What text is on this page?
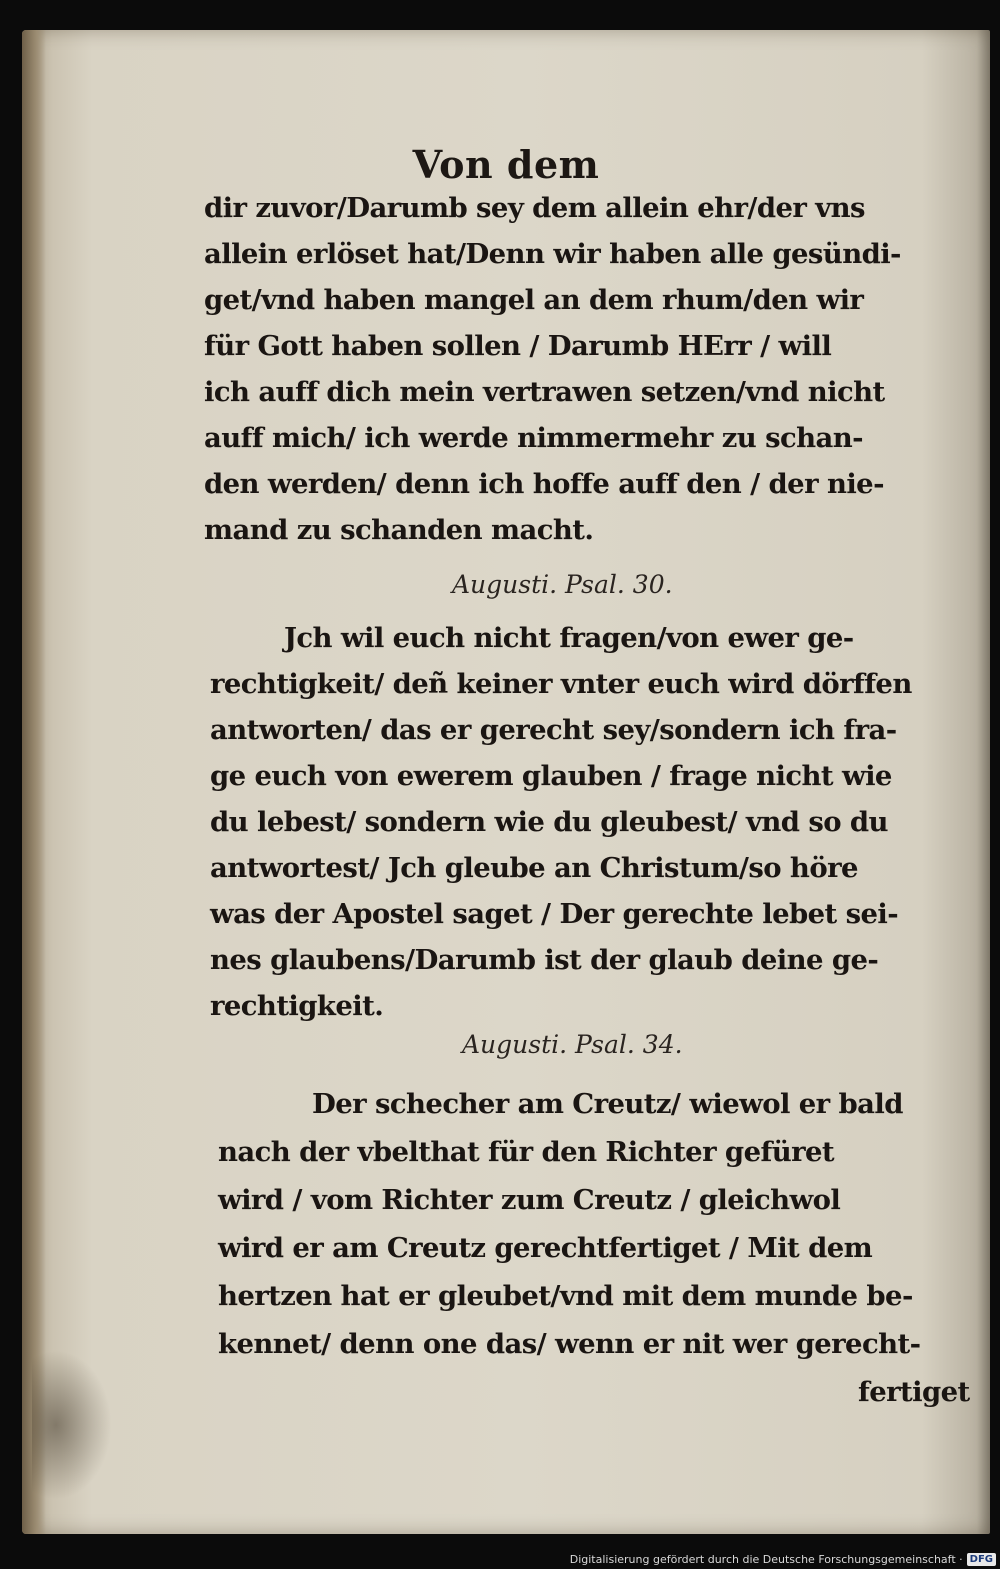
Von dem
dir zuvor/Darumb sey dem allein ehr/der vns
allein erlöset hat/Denn wir haben alle gesündi-
get/vnd haben mangel an dem rhum/den wir
für Gott haben sollen / Darumb HErr / will
ich auff dich mein vertrawen setzen/vnd nicht
auff mich/ ich werde nimmermehr zu schan-
den werden/ denn ich hoffe auff den / der nie-
mand zu schanden macht.
Augusti. Psal. 30.
Jch wil euch nicht fragen/von ewer ge-
rechtigkeit/ deñ keiner vnter euch wird dörffen
antworten/ das er gerecht sey/sondern ich fra-
ge euch von ewerem glauben / frage nicht wie
du lebest/ sondern wie du gleubest/ vnd so du
antwortest/ Jch gleube an Christum/so höre
was der Apostel saget / Der gerechte lebet sei-
nes glaubens/Darumb ist der glaub deine ge-
rechtigkeit.
Augusti. Psal. 34.
Der schecher am Creutz/ wiewol er bald
nach der vbelthat für den Richter gefüret
wird / vom Richter zum Creutz / gleichwol
wird er am Creutz gerechtfertiget / Mit dem
hertzen hat er gleubet/vnd mit dem munde be-
kennet/ denn one das/ wenn er nit wer gerecht-
fertiget
Digitalisierung gefördert durch die Deutsche Forschungsgemeinschaft · DFG
